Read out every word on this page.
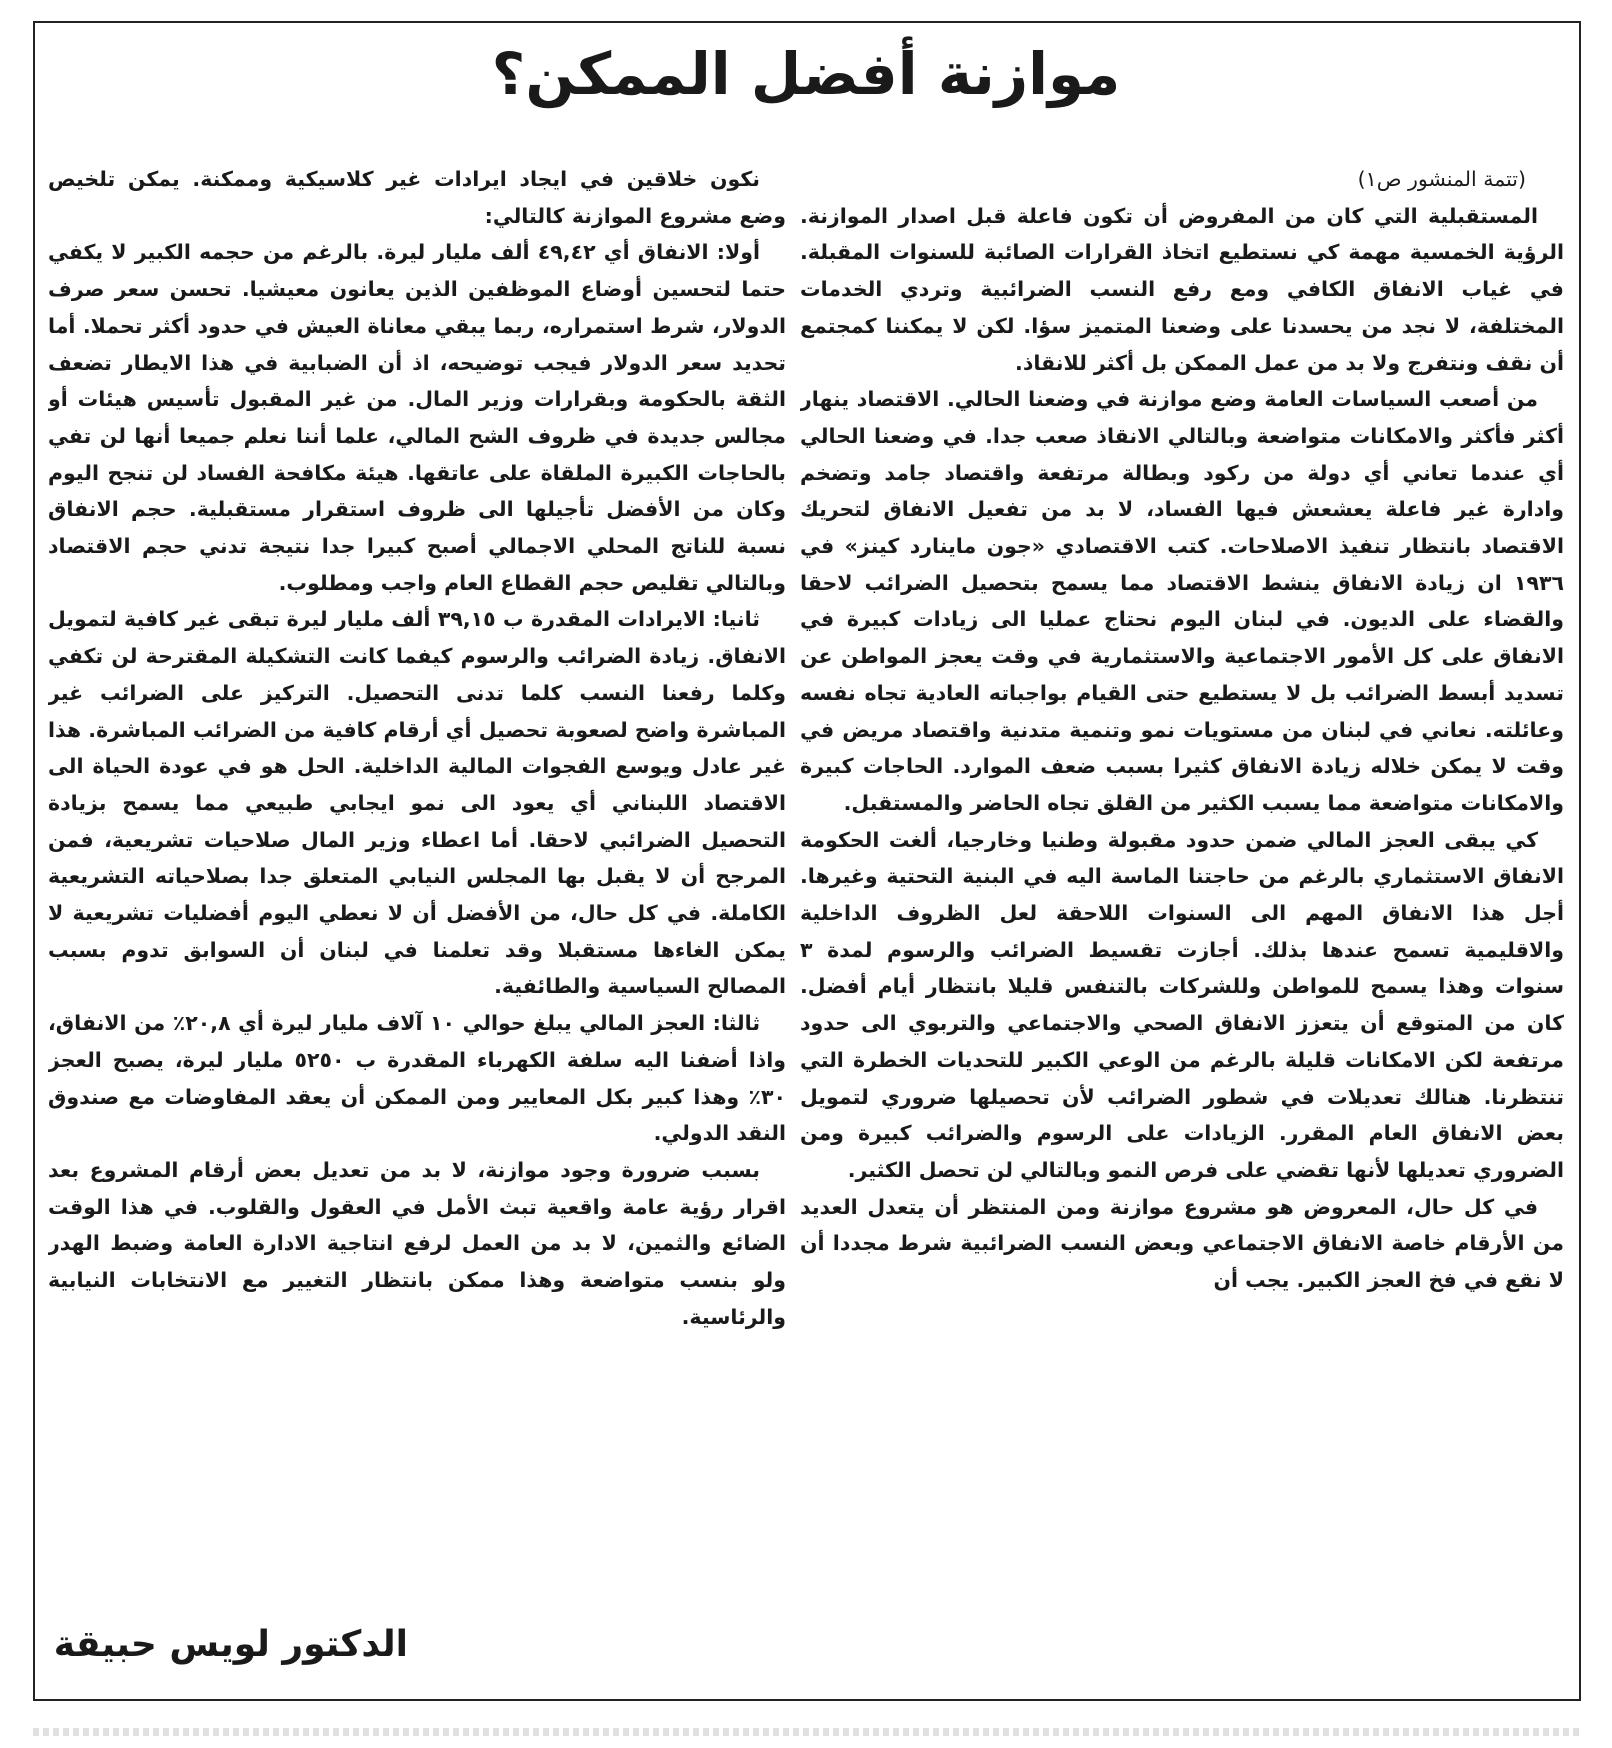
موازنة أفضل الممكن؟

(تتمة المنشور ص١)

المستقبلية التي كان من المفروض أن تكون فاعلة قبل اصدار الموازنة. الرؤية الخمسية مهمة كي نستطيع اتخاذ القرارات الصائبة للسنوات المقبلة. في غياب الانفاق الكافي ومع رفع النسب الضرائبية وتردي الخدمات المختلفة، لا نجد من يحسدنا على وضعنا المتميز سؤا. لكن لا يمكننا كمجتمع أن نقف ونتفرج ولا بد من عمل الممكن بل أكثر للانقاذ.

من أصعب السياسات العامة وضع موازنة في وضعنا الحالي. الاقتصاد ينهار أكثر فأكثر والامكانات متواضعة وبالتالي الانقاذ صعب جدا. في وضعنا الحالي أي عندما تعاني أي دولة من ركود وبطالة مرتفعة واقتصاد جامد وتضخم وادارة غير فاعلة يعشعش فيها الفساد، لا بد من تفعيل الانفاق لتحريك الاقتصاد بانتظار تنفيذ الاصلاحات. كتب الاقتصادي «جون ماينارد كينز» في ١٩٣٦ ان زيادة الانفاق ينشط الاقتصاد مما يسمح بتحصيل الضرائب لاحقا والقضاء على الديون. في لبنان اليوم نحتاج عمليا الى زيادات كبيرة في الانفاق على كل الأمور الاجتماعية والاستثمارية في وقت يعجز المواطن عن تسديد أبسط الضرائب بل لا يستطيع حتى القيام بواجباته العادية تجاه نفسه وعائلته. نعاني في لبنان من مستويات نمو وتنمية متدنية واقتصاد مريض في وقت لا يمكن خلاله زيادة الانفاق كثيرا بسبب ضعف الموارد. الحاجات كبيرة والامكانات متواضعة مما يسبب الكثير من القلق تجاه الحاضر والمستقبل.

كي يبقى العجز المالي ضمن حدود مقبولة وطنيا وخارجيا، ألغت الحكومة الانفاق الاستثماري بالرغم من حاجتنا الماسة اليه في البنية التحتية وغيرها. أجل هذا الانفاق المهم الى السنوات اللاحقة لعل الظروف الداخلية والاقليمية تسمح عندها بذلك. أجازت تقسيط الضرائب والرسوم لمدة ٣ سنوات وهذا يسمح للمواطن وللشركات بالتنفس قليلا بانتظار أيام أفضل. كان من المتوقع أن يتعزز الانفاق الصحي والاجتماعي والتربوي الى حدود مرتفعة لكن الامكانات قليلة بالرغم من الوعي الكبير للتحديات الخطرة التي تنتظرنا. هنالك تعديلات في شطور الضرائب لأن تحصيلها ضروري لتمويل بعض الانفاق العام المقرر. الزيادات على الرسوم والضرائب كبيرة ومن الضروري تعديلها لأنها تقضي على فرص النمو وبالتالي لن تحصل الكثير.

في كل حال، المعروض هو مشروع موازنة ومن المنتظر أن يتعدل العديد من الأرقام خاصة الانفاق الاجتماعي وبعض النسب الضرائبية شرط مجددا أن لا نقع في فخ العجز الكبير. يجب أن

نكون خلاقين في ايجاد ايرادات غير كلاسيكية وممكنة. يمكن تلخيص وضع مشروع الموازنة كالتالي:

أولا: الانفاق أي ٤٩,٤٢ ألف مليار ليرة. بالرغم من حجمه الكبير لا يكفي حتما لتحسين أوضاع الموظفين الذين يعانون معيشيا. تحسن سعر صرف الدولار، شرط استمراره، ربما يبقي معاناة العيش في حدود أكثر تحملا. أما تحديد سعر الدولار فيجب توضيحه، اذ أن الضبابية في هذا الايطار تضعف الثقة بالحكومة وبقرارات وزير المال. من غير المقبول تأسيس هيئات أو مجالس جديدة في ظروف الشح المالي، علما أننا نعلم جميعا أنها لن تفي بالحاجات الكبيرة الملقاة على عاتقها. هيئة مكافحة الفساد لن تنجح اليوم وكان من الأفضل تأجيلها الى ظروف استقرار مستقبلية. حجم الانفاق نسبة للناتج المحلي الاجمالي أصبح كبيرا جدا نتيجة تدني حجم الاقتصاد وبالتالي تقليص حجم القطاع العام واجب ومطلوب.

ثانيا: الايرادات المقدرة ب ٣٩,١٥ ألف مليار ليرة تبقى غير كافية لتمويل الانفاق. زيادة الضرائب والرسوم كيفما كانت التشكيلة المقترحة لن تكفي وكلما رفعنا النسب كلما تدنى التحصيل. التركيز على الضرائب غير المباشرة واضح لصعوبة تحصيل أي أرقام كافية من الضرائب المباشرة. هذا غير عادل ويوسع الفجوات المالية الداخلية. الحل هو في عودة الحياة الى الاقتصاد اللبناني أي يعود الى نمو ايجابي طبيعي مما يسمح بزيادة التحصيل الضرائبي لاحقا. أما اعطاء وزير المال صلاحيات تشريعية، فمن المرجح أن لا يقبل بها المجلس النيابي المتعلق جدا بصلاحياته التشريعية الكاملة. في كل حال، من الأفضل أن لا نعطي اليوم أفضليات تشريعية لا يمكن الغاءها مستقبلا وقد تعلمنا في لبنان أن السوابق تدوم بسبب المصالح السياسية والطائفية.

ثالثا: العجز المالي يبلغ حوالي ١٠ آلاف مليار ليرة أي ٢٠,٨٪ من الانفاق، واذا أضفنا اليه سلفة الكهرباء المقدرة ب ٥٢٥٠ مليار ليرة، يصبح العجز ٣٠٪ وهذا كبير بكل المعايير ومن الممكن أن يعقد المفاوضات مع صندوق النقد الدولي.

بسبب ضرورة وجود موازنة، لا بد من تعديل بعض أرقام المشروع بعد اقرار رؤية عامة واقعية تبث الأمل في العقول والقلوب. في هذا الوقت الضائع والثمين، لا بد من العمل لرفع انتاجية الادارة العامة وضبط الهدر ولو بنسب متواضعة وهذا ممكن بانتظار التغيير مع الانتخابات النيابية والرئاسية.

الدكتور لويس حبيقة
